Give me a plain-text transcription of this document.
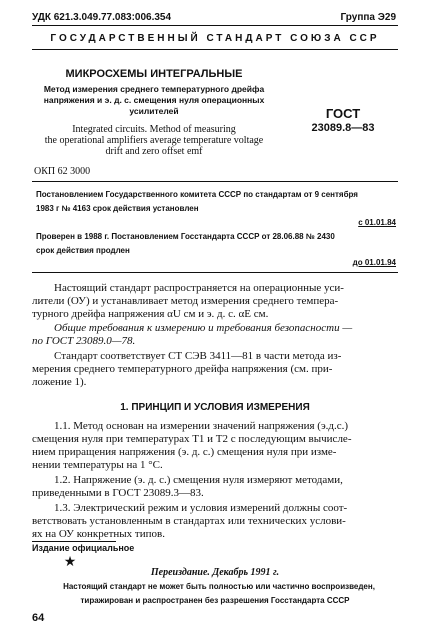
УДК 621.3.049.77.083:006.354	Группа Э29
ГОСУДАРСТВЕННЫЙ СТАНДАРТ СОЮЗА ССР
МИКРОСХЕМЫ ИНТЕГРАЛЬНЫЕ
Метод измерения среднего температурного дрейфа
напряжения и э. д. с. смещения нуля операционных
усилителей
Integrated circuits. Method of measuring
the operational amplifiers average temperature voltage
drift and zero offset emf
ГОСТ
23089.8—83
ОКП 62 3000
Постановлением Государственного комитета СССР по стандартам от 9 сентября
1983 г № 4163 срок действия установлен
с 01.01.84
Проверен в 1988 г. Постановлением Госстандарта СССР от 28.06.88 № 2430
срок действия продлен
до 01.01.94
Настоящий стандарт распространяется на операционные уси-
лители (ОУ) и устанавливает метод измерения среднего темпера-
турного дрейфа напряжения αU см и э. д. с. αE см.
Общие требования к измерению и требования безопасности —
по ГОСТ 23089.0—78.
Стандарт соответствует СТ СЭВ 3411—81 в части метода из-
мерения среднего температурного дрейфа напряжения (см. при-
ложение 1).
1. ПРИНЦИП И УСЛОВИЯ ИЗМЕРЕНИЯ
1.1. Метод основан на измерении значений напряжения (э.д.с.)
смещения нуля при температурах T1 и T2 с последующим вычисле-
нием приращения напряжения (э. д. с.) смещения нуля при изме-
нении температуры на 1 °С.
1.2. Напряжение (э. д. с.) смещения нуля измеряют методами,
приведенными в ГОСТ 23089.3—83.
1.3. Электрический режим и условия измерений должны соот-
ветствовать установленным в стандартах или технических услови-
ях на ОУ конкретных типов.
Издание официальное
★
Переиздание. Декабрь 1991 г.
Настоящий стандарт не может быть полностью или частично воспроизведен,
тиражирован и распространен без разрешения Госстандарта СССР
64
